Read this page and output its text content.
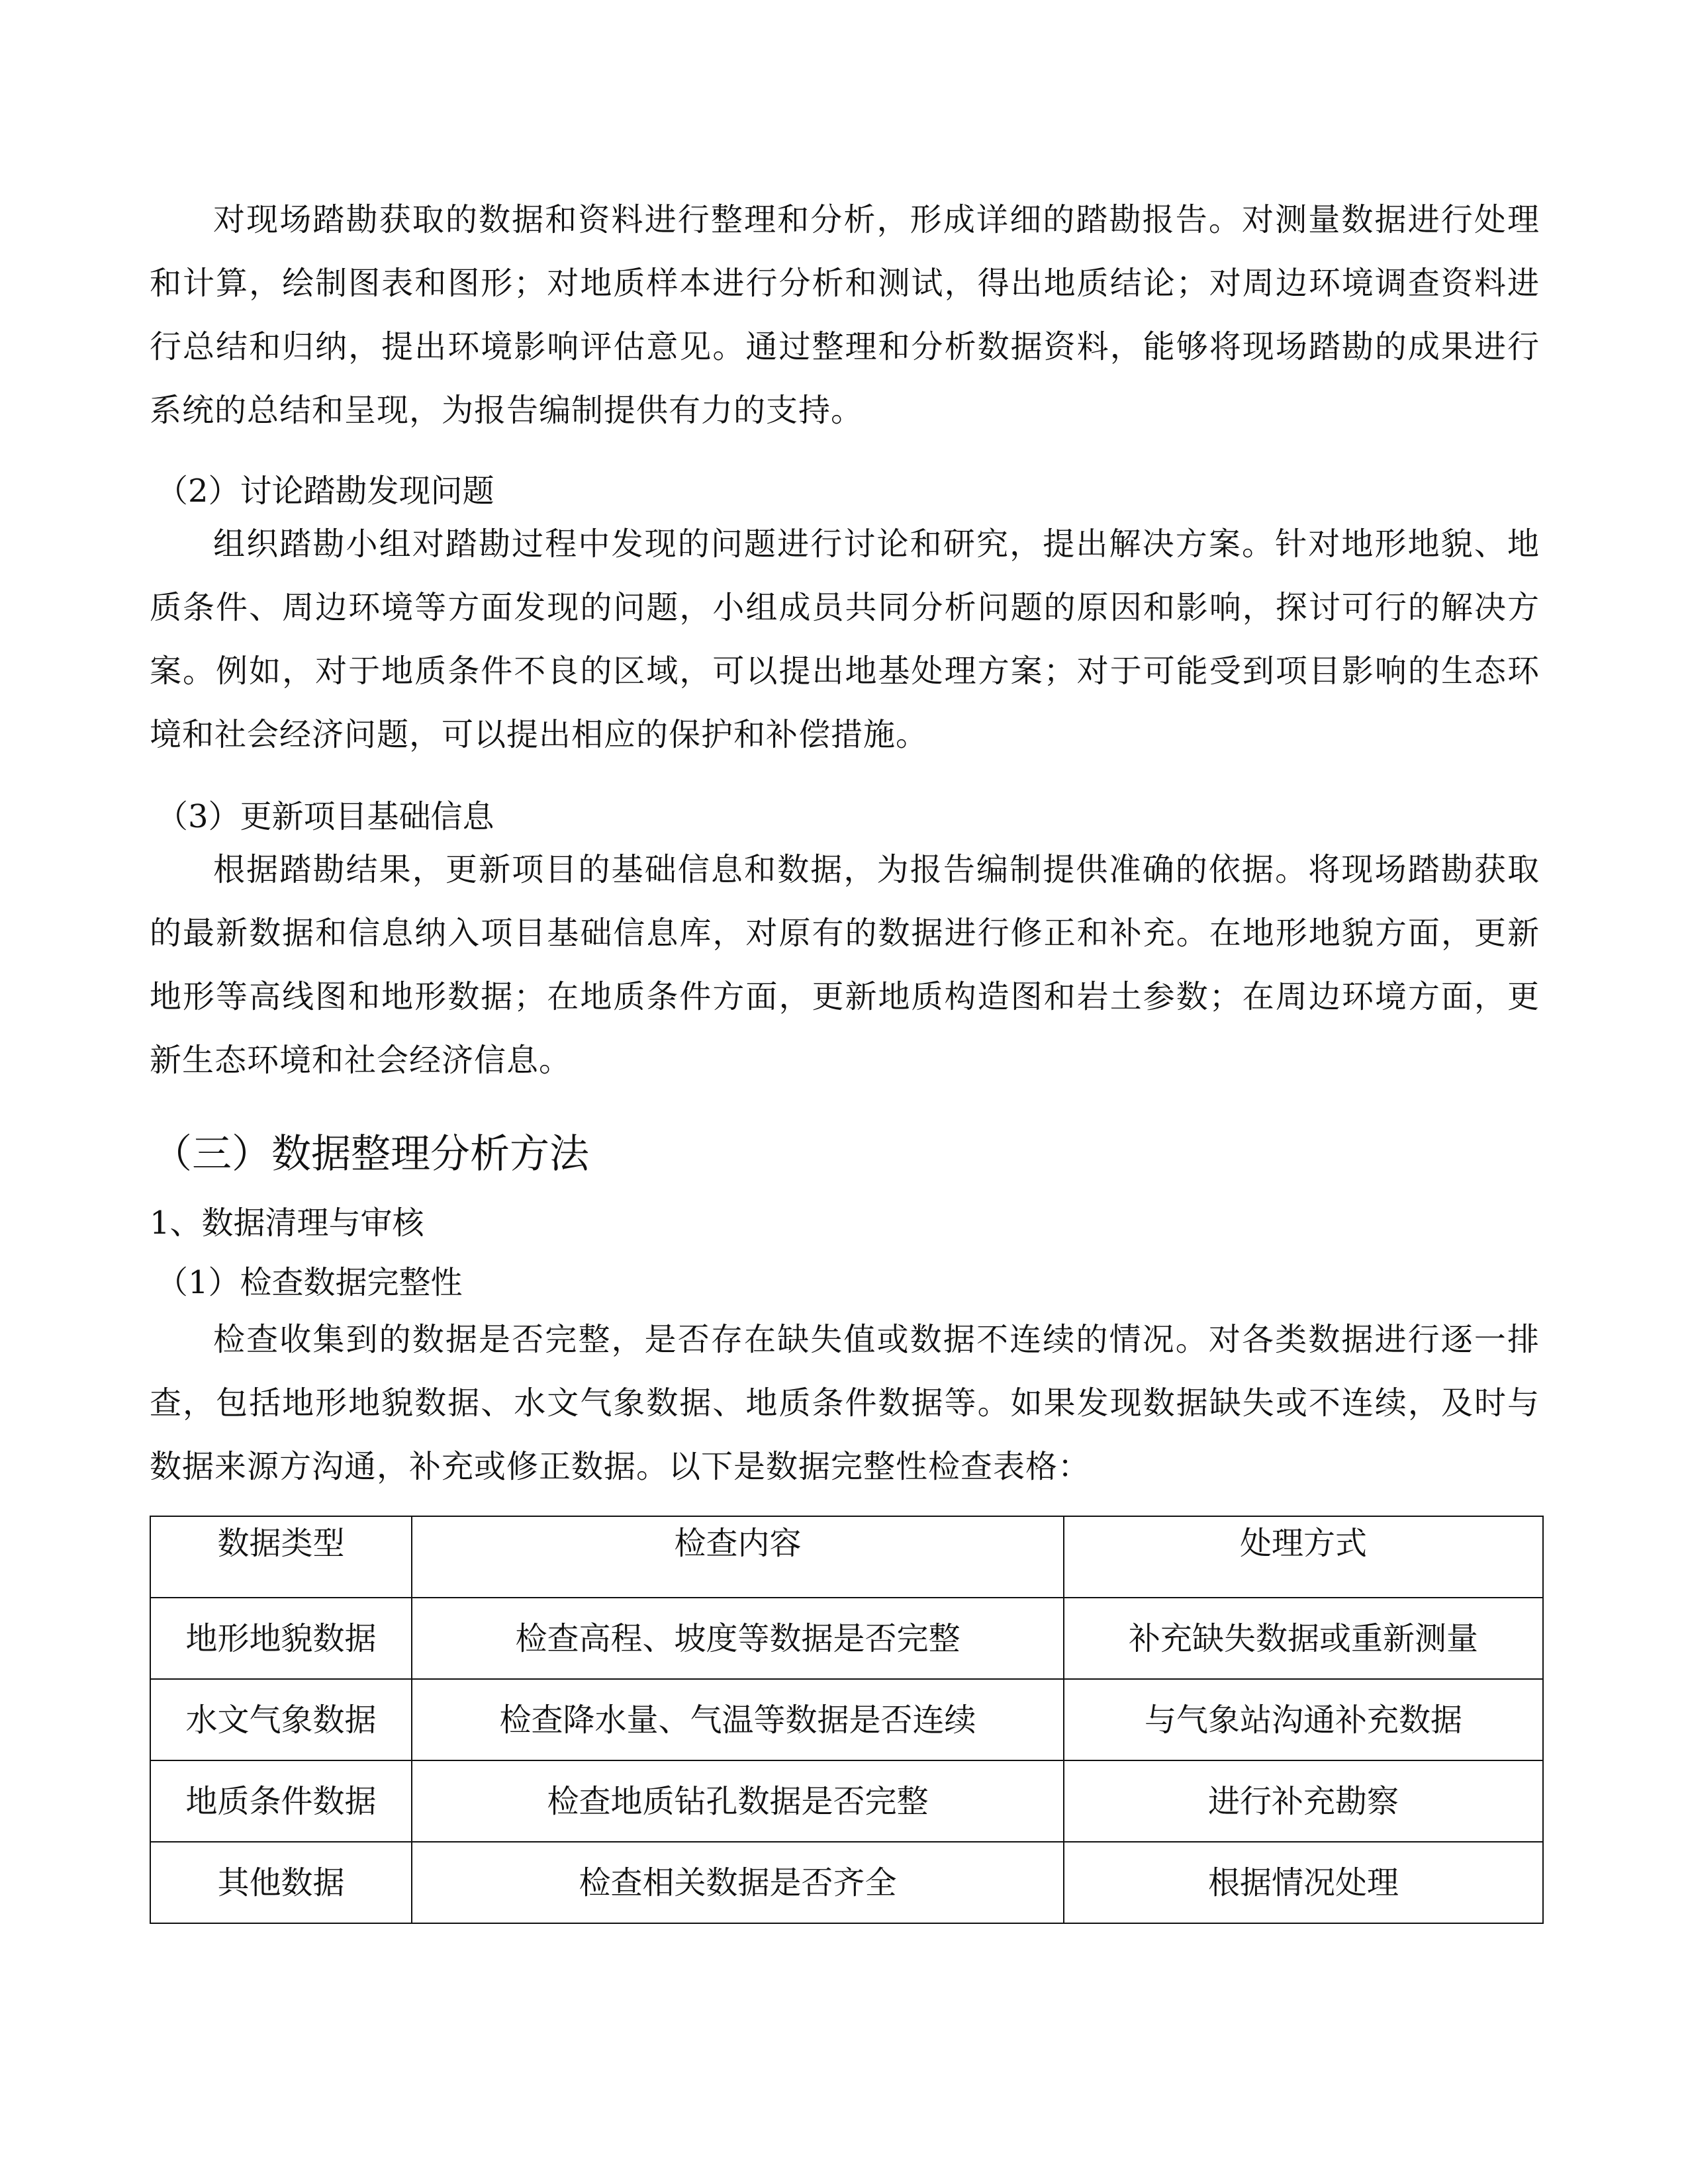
对现场踏勘获取的数据和资料进行整理和分析，形成详细的踏勘报告。对测量数据进行处理和计算，绘制图表和图形；对地质样本进行分析和测试，得出地质结论；对周边环境调查资料进行总结和归纳，提出环境影响评估意见。通过整理和分析数据资料，能够将现场踏勘的成果进行系统的总结和呈现，为报告编制提供有力的支持。

（2）讨论踏勘发现问题

组织踏勘小组对踏勘过程中发现的问题进行讨论和研究，提出解决方案。针对地形地貌、地质条件、周边环境等方面发现的问题，小组成员共同分析问题的原因和影响，探讨可行的解决方案。例如，对于地质条件不良的区域，可以提出地基处理方案；对于可能受到项目影响的生态环境和社会经济问题，可以提出相应的保护和补偿措施。

（3）更新项目基础信息

根据踏勘结果，更新项目的基础信息和数据，为报告编制提供准确的依据。将现场踏勘获取的最新数据和信息纳入项目基础信息库，对原有的数据进行修正和补充。在地形地貌方面，更新地形等高线图和地形数据；在地质条件方面，更新地质构造图和岩土参数；在周边环境方面，更新生态环境和社会经济信息。

（三）数据整理分析方法

1、数据清理与审核

（1）检查数据完整性

检查收集到的数据是否完整，是否存在缺失值或数据不连续的情况。对各类数据进行逐一排查，包括地形地貌数据、水文气象数据、地质条件数据等。如果发现数据缺失或不连续，及时与数据来源方沟通，补充或修正数据。以下是数据完整性检查表格：

数据类型	检查内容	处理方式
地形地貌数据	检查高程、坡度等数据是否完整	补充缺失数据或重新测量
水文气象数据	检查降水量、气温等数据是否连续	与气象站沟通补充数据
地质条件数据	检查地质钻孔数据是否完整	进行补充勘察
其他数据	检查相关数据是否齐全	根据情况处理
